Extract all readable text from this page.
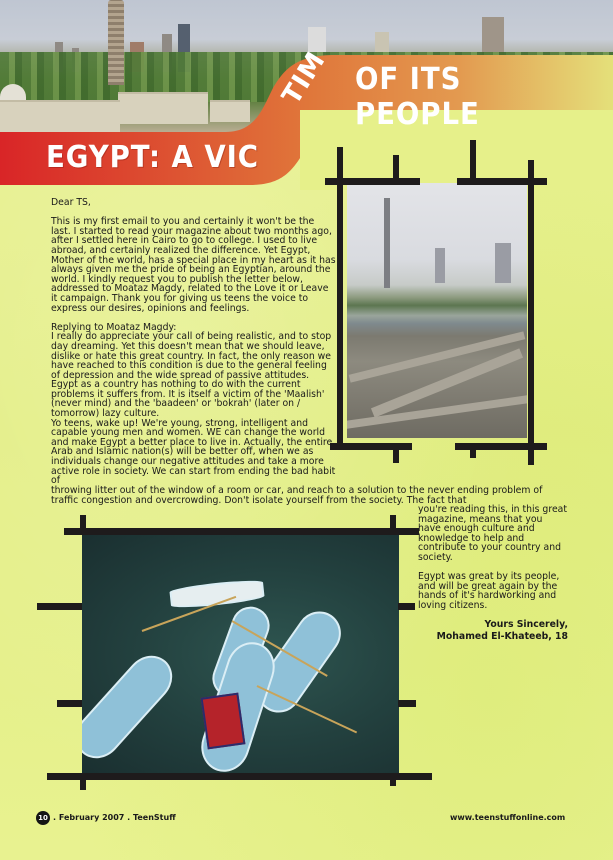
EGYPT: A VIC
TIM OF ITS PEOPLE

Dear TS,

This is my first email to you and certainly it won't be the last. I started to read your magazine about two months ago, after I settled here in Cairo to go to college. I used to live abroad, and certainly realized the difference. Yet Egypt, Mother of the world, has a special place in my heart as it has always given me the pride of being an Egyptian, around the world. I kindly request you to publish the letter below, addressed to Moataz Magdy, related to the Love it or Leave it campaign. Thank you for giving us teens the voice to express our desires, opinions and feelings.

Replying to Moataz Magdy:
I really do appreciate your call of being realistic, and to stop day dreaming. Yet this doesn't mean that we should leave, dislike or hate this great country. In fact, the only reason we have reached to this condition is due to the general feeling of depression and the wide spread of passive attitudes. Egypt as a country has nothing to do with the current problems it suffers from. It is itself a victim of the 'Maalish' (never mind) and the 'baadeen' or 'bokrah' (later on / tomorrow) lazy culture.
Yo teens, wake up! We're young, strong, intelligent and capable young men and women. WE can change the world and make Egypt a better place to live in. Actually, the entire Arab and Islamic nation(s) will be better off, when we as individuals change our negative attitudes and take a more active role in society. We can start from ending the bad habit of
throwing litter out of the window of a room or car, and reach to a solution to the never ending problem of traffic congestion and overcrowding. Don't isolate yourself from the society. The fact that

you're reading this, in this great magazine, means that you have enough culture and knowledge to help and contribute to your country and society.

Egypt was great by its people, and will be great again by the hands of it's hardworking and loving citizens.

Yours Sincerely,
Mohamed El-Khateeb, 18
10 . February 2007 . TeenStuff	www.teenstuffonline.com
